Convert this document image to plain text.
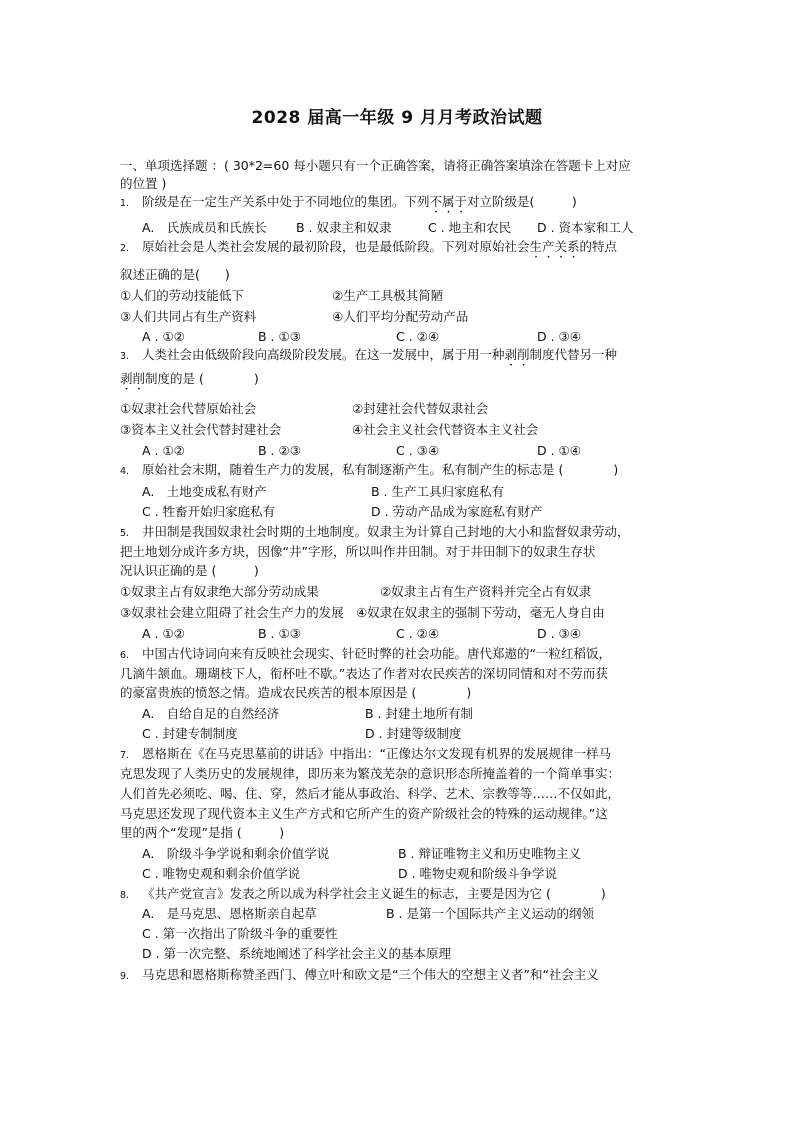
2028 届高一年级 9 月月考政治试题
一、单项选择题 ：( 30*2=60 每小题只有一个正确答案，请将正确答案填涂在答题卡上对应
的位置 )
1. 阶级是在一定生产关系中处于不同地位的集团。下列不属于对立阶级是(　　　)
A.　氏族成员和氏族长 B . 奴隶主和奴隶	C . 地主和农民 D . 资本家和工人
2. 原始社会是人类社会发展的最初阶段，也是最低阶段。下列对原始社会生产关系的特点
叙述正确的是(　　)
①人们的劳动技能低下	②生产工具极其简陋
③人们共同占有生产资料	④人们平均分配劳动产品
A . ①②	B . ①③	C . ②④	D . ③④
3. 人类社会由低级阶段向高级阶段发展。在这一发展中，属于用一种剥削制度代替另一种
剥削制度的是 (　　　　)
①奴隶社会代替原始社会	②封建社会代替奴隶社会
③资本主义社会代替封建社会	④社会主义社会代替资本主义社会
A . ①②	B . ②③	C . ③④	D . ①④
4. 原始社会末期，随着生产力的发展，私有制逐渐产生。私有制产生的标志是 (　　　　)
A.　土地变成私有财产	B . 生产工具归家庭私有
C . 牲畜开始归家庭私有	D . 劳动产品成为家庭私有财产
5. 井田制是我国奴隶社会时期的土地制度。奴隶主为计算自己封地的大小和监督奴隶劳动，
把土地划分成许多方块，因像“井”字形，所以叫作井田制。对于井田制下的奴隶生存状
况认识正确的是 (　　　)
①奴隶主占有奴隶绝大部分劳动成果	②奴隶主占有生产资料并完全占有奴隶
③奴隶社会建立阻碍了社会生产力的发展 ④奴隶在奴隶主的强制下劳动，毫无人身自由
A . ①②	B . ①③	C . ②④	D . ③④
6. 中国古代诗词向来有反映社会现实、针砭时弊的社会功能。唐代郑遨的“一粒红稻饭，
几滴牛颔血。珊瑚枝下人，衔杯吐不歇。”表达了作者对农民疾苦的深切同情和对不劳而获
的豪富贵族的愤怒之情。造成农民疾苦的根本原因是 (　　　　)
A.　自给自足的自然经济	B . 封建土地所有制
C . 封建专制制度	D . 封建等级制度
7. 恩格斯在《在马克思墓前的讲话》中指出：“正像达尔文发现有机界的发展规律一样马
克思发现了人类历史的发展规律，即历来为繁茂芜杂的意识形态所掩盖着的一个简单事实：
人们首先必须吃、喝、住、穿，然后才能从事政治、科学、艺术、宗教等等……不仅如此，
马克思还发现了现代资本主义生产方式和它所产生的资产阶级社会的特殊的运动规律。”这
里的两个“发现”是指 (　　　)
A.　阶级斗争学说和剩余价值学说	B . 辩证唯物主义和历史唯物主义
C . 唯物史观和剩余价值学说	D . 唯物史观和阶级斗争学说
8. 《共产党宣言》发表之所以成为科学社会主义诞生的标志，主要是因为它 (　　　　)
A.　是马克思、恩格斯亲自起草	B . 是第一个国际共产主义运动的纲领
C . 第一次指出了阶级斗争的重要性
D . 第一次完整、系统地阐述了科学社会主义的基本原理
9. 马克思和恩格斯称赞圣西门、傅立叶和欧文是“三个伟大的空想主义者”和“社会主义
